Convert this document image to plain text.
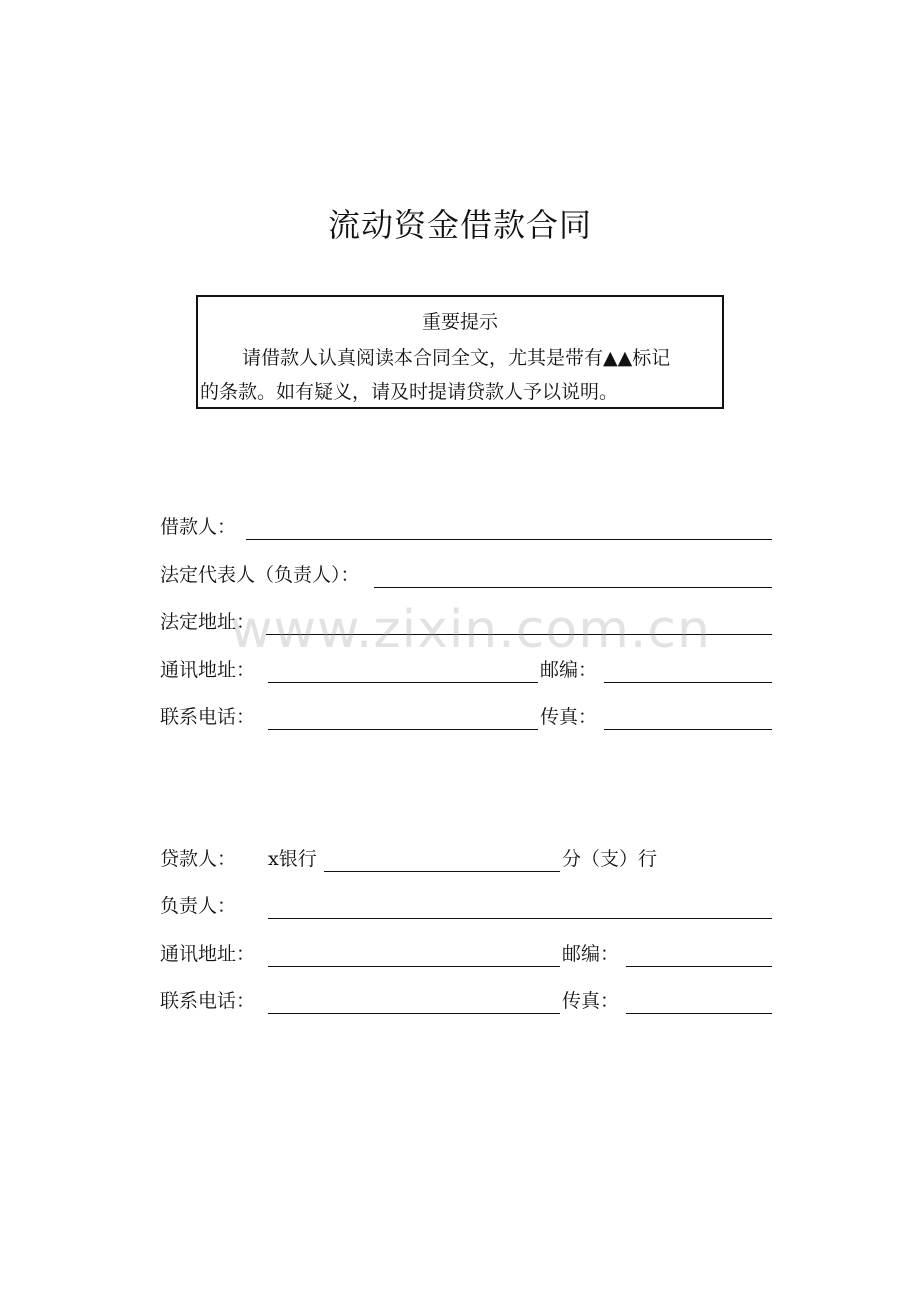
流动资金借款合同
重要提示
请借款人认真阅读本合同全文，尤其是带有▲▲标记
的条款。如有疑义，请及时提请贷款人予以说明。
借款人：
法定代表人（负责人）：
法定地址：
通讯地址：	邮编：
联系电话：	传真：
贷款人： x银行	分（支）行
负责人：
通讯地址：	邮编：
联系电话：	传真：
www.zixin.com.cn
